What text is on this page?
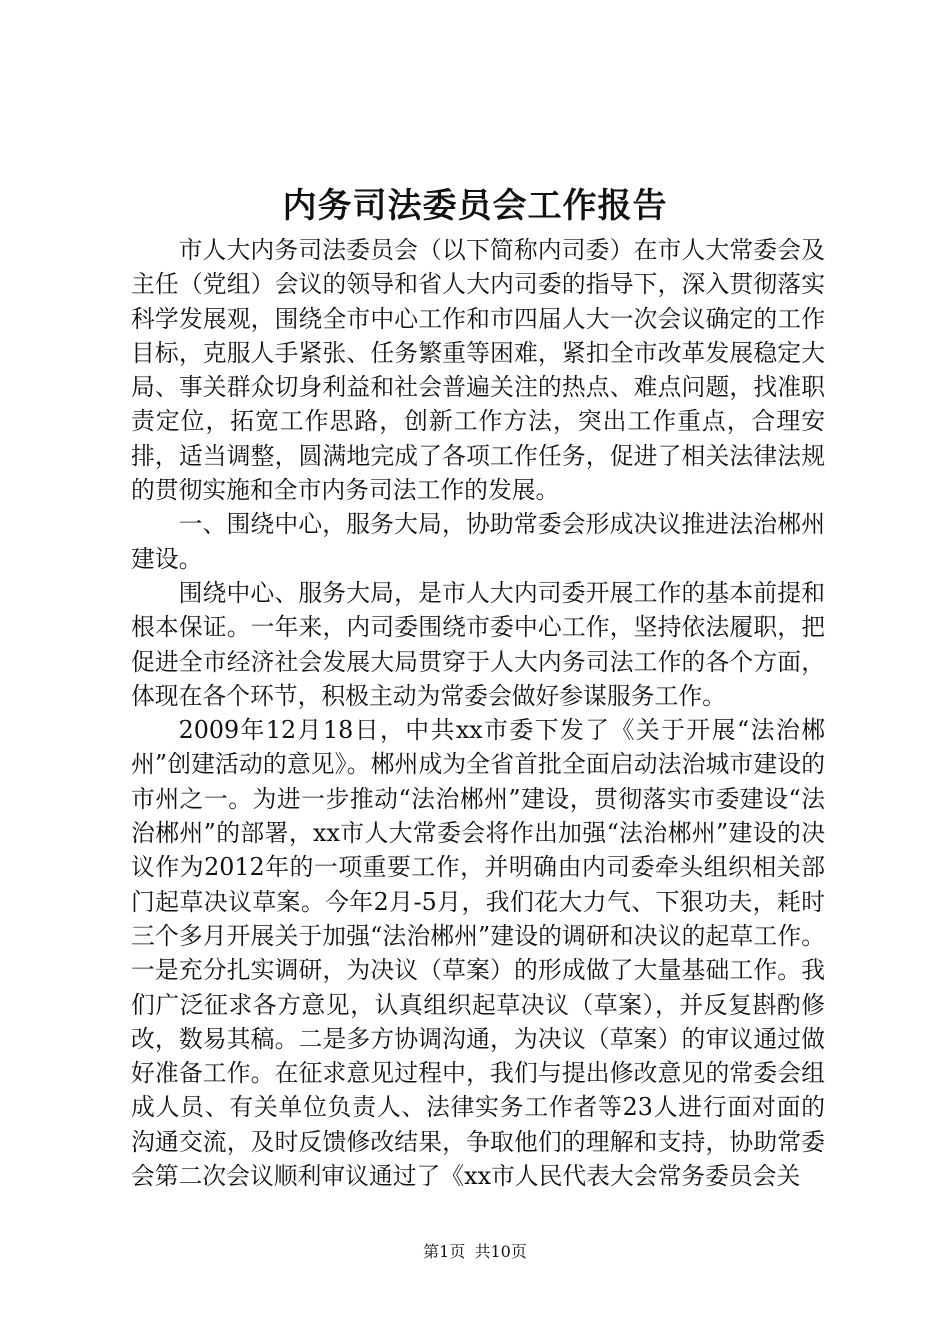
内务司法委员会工作报告

市人大内务司法委员会（以下简称内司委）在市人大常委会及主任（党组）会议的领导和省人大内司委的指导下，深入贯彻落实科学发展观，围绕全市中心工作和市四届人大一次会议确定的工作目标，克服人手紧张、任务繁重等困难，紧扣全市改革发展稳定大局、事关群众切身利益和社会普遍关注的热点、难点问题，找准职责定位，拓宽工作思路，创新工作方法，突出工作重点，合理安排，适当调整，圆满地完成了各项工作任务，促进了相关法律法规的贯彻实施和全市内务司法工作的发展。

一、围绕中心，服务大局，协助常委会形成决议推进法治郴州建设。

围绕中心、服务大局，是市人大内司委开展工作的基本前提和根本保证。一年来，内司委围绕市委中心工作，坚持依法履职，把促进全市经济社会发展大局贯穿于人大内务司法工作的各个方面，体现在各个环节，积极主动为常委会做好参谋服务工作。

2009年12月18日，中共xx市委下发了《关于开展“法治郴州”创建活动的意见》。郴州成为全省首批全面启动法治城市建设的市州之一。为进一步推动“法治郴州”建设，贯彻落实市委建设“法治郴州”的部署，xx市人大常委会将作出加强“法治郴州”建设的决议作为2012年的一项重要工作，并明确由内司委牵头组织相关部门起草决议草案。今年2月-5月，我们花大力气、下狠功夫，耗时三个多月开展关于加强“法治郴州”建设的调研和决议的起草工作。一是充分扎实调研，为决议（草案）的形成做了大量基础工作。我们广泛征求各方意见，认真组织起草决议（草案），并反复斟酌修改，数易其稿。二是多方协调沟通，为决议（草案）的审议通过做好准备工作。在征求意见过程中，我们与提出修改意见的常委会组成人员、有关单位负责人、法律实务工作者等23人进行面对面的沟通交流，及时反馈修改结果，争取他们的理解和支持，协助常委会第二次会议顺利审议通过了《xx市人民代表大会常务委员会关

第1页 共10页
